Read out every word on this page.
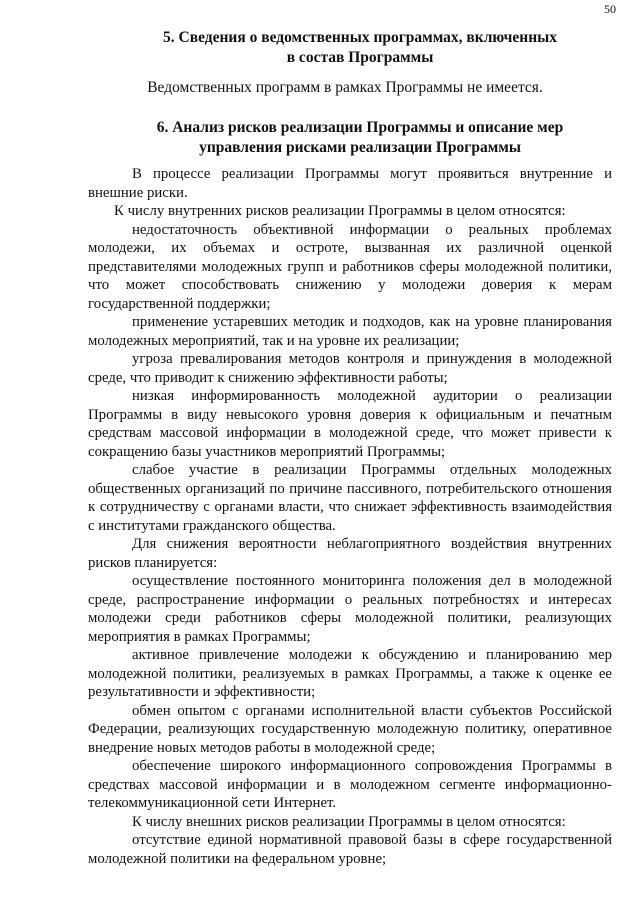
50
5. Сведения о ведомственных программах, включенных
в состав Программы
Ведомственных программ в рамках Программы не имеется.
6. Анализ рисков реализации Программы и описание мер
управления рисками реализации Программы

В процессе реализации Программы могут проявиться внутренние и внешние риски.

К числу внутренних рисков реализации Программы в целом относятся:

недостаточность объективной информации о реальных проблемах молодежи, их объемах и остроте, вызванная их различной оценкой представителями молодежных групп и работников сферы молодежной политики, что может способствовать снижению у молодежи доверия к мерам государственной поддержки;

применение устаревших методик и подходов, как на уровне планирования молодежных мероприятий, так и на уровне их реализации;

угроза превалирования методов контроля и принуждения в молодежной среде, что приводит к снижению эффективности работы;

низкая информированность молодежной аудитории о реализации Программы в виду невысокого уровня доверия к официальным и печатным средствам массовой информации в молодежной среде, что может привести к сокращению базы участников мероприятий Программы;

слабое участие в реализации Программы отдельных молодежных общественных организаций по причине пассивного, потребительского отношения к сотрудничеству с органами власти, что снижает эффективность взаимодействия с институтами гражданского общества.

Для снижения вероятности неблагоприятного воздействия внутренних рисков планируется:

осуществление постоянного мониторинга положения дел в молодежной среде, распространение информации о реальных потребностях и интересах молодежи среди работников сферы молодежной политики, реализующих мероприятия в рамках Программы;

активное привлечение молодежи к обсуждению и планированию мер молодежной политики, реализуемых в рамках Программы, а также к оценке ее результативности и эффективности;

обмен опытом с органами исполнительной власти субъектов Российской Федерации, реализующих государственную молодежную политику, оперативное внедрение новых методов работы в молодежной среде;

обеспечение широкого информационного сопровождения Программы в средствах массовой информации и в молодежном сегменте информационно-телекоммуникационной сети Интернет.

К числу внешних рисков реализации Программы в целом относятся:

отсутствие единой нормативной правовой базы в сфере государственной молодежной политики на федеральном уровне;
